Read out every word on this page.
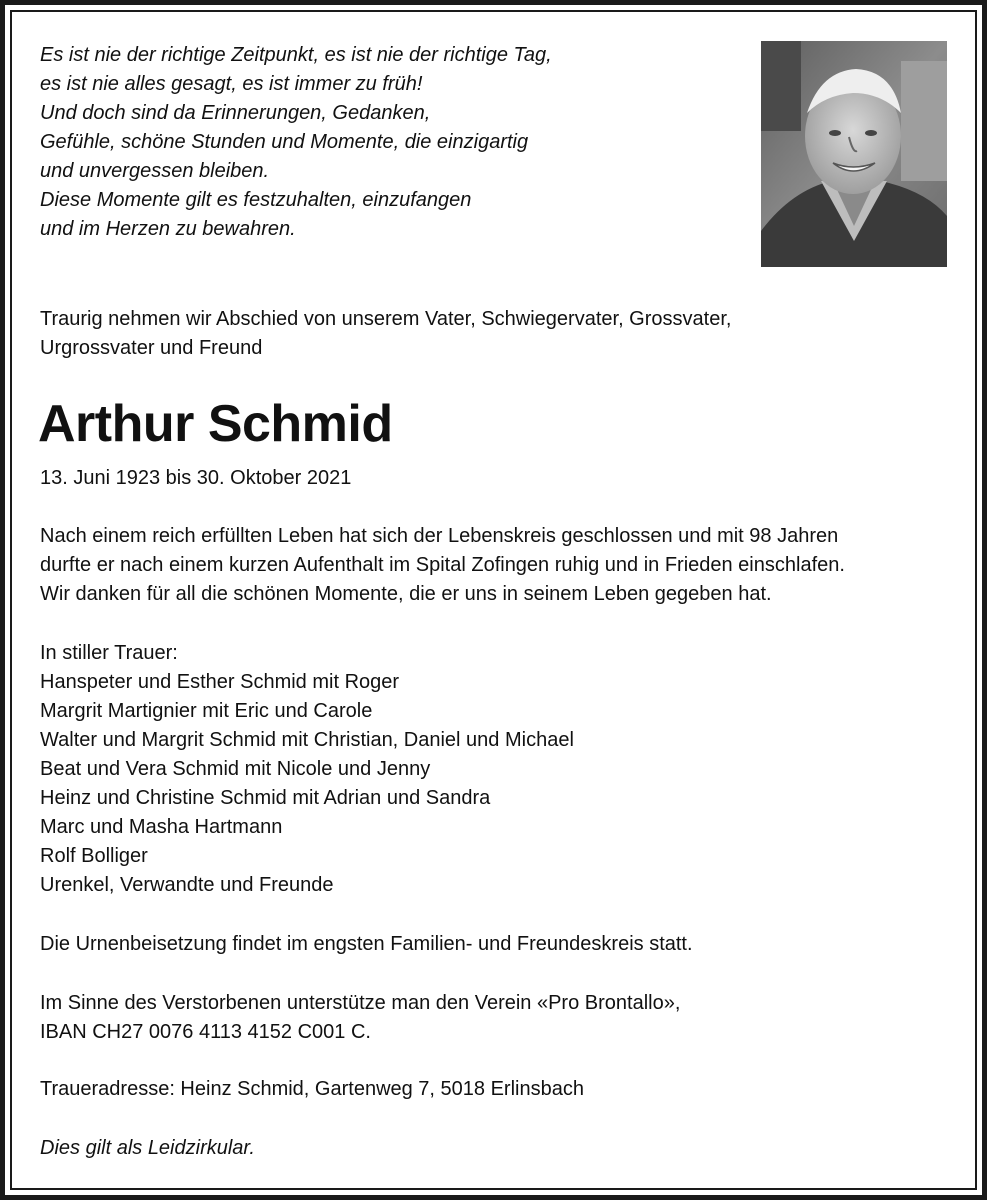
Es ist nie der richtige Zeitpunkt, es ist nie der richtige Tag,
es ist nie alles gesagt, es ist immer zu früh!
Und doch sind da Erinnerungen, Gedanken,
Gefühle, schöne Stunden und Momente, die einzigartig
und unvergessen bleiben.
Diese Momente gilt es festzuhalten, einzufangen
und im Herzen zu bewahren.
Traurig nehmen wir Abschied von unserem Vater, Schwiegervater, Grossvater,
Urgrossvater und Freund
Arthur Schmid
13. Juni 1923 bis 30. Oktober 2021
Nach einem reich erfüllten Leben hat sich der Lebenskreis geschlossen und mit 98 Jahren
durfte er nach einem kurzen Aufenthalt im Spital Zofingen ruhig und in Frieden einschlafen.
Wir danken für all die schönen Momente, die er uns in seinem Leben gegeben hat.
In stiller Trauer:
Hanspeter und Esther Schmid mit Roger
Margrit Martignier mit Eric und Carole
Walter und Margrit Schmid mit Christian, Daniel und Michael
Beat und Vera Schmid mit Nicole und Jenny
Heinz und Christine Schmid mit Adrian und Sandra
Marc und Masha Hartmann
Rolf Bolliger
Urenkel, Verwandte und Freunde
Die Urnenbeisetzung findet im engsten Familien- und Freundeskreis statt.
Im Sinne des Verstorbenen unterstütze man den Verein «Pro Brontallo»,
IBAN CH27 0076 4113 4152 C001 C.
Traueradresse: Heinz Schmid, Gartenweg 7, 5018 Erlinsbach
Dies gilt als Leidzirkular.
